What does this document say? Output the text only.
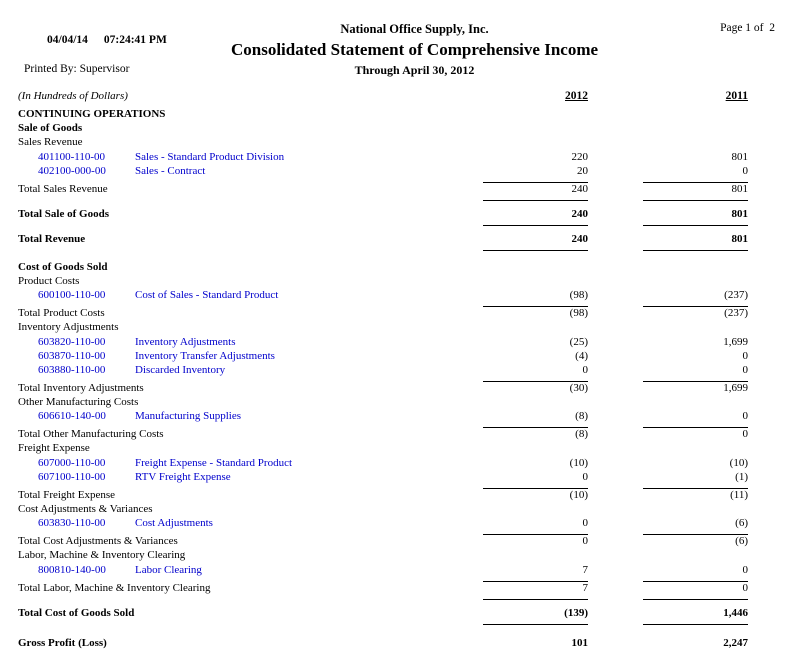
04/04/14 07:24:41 PM

Printed By: Supervisor
National Office Supply, Inc.
Consolidated Statement of Comprehensive Income
Through April 30, 2012
Page 1 of  2
(In Hundreds of Dollars)	2012	2011
CONTINUING OPERATIONS
Sale of Goods
Sales Revenue
401100-110-00	Sales - Standard Product Division	220	801
402100-000-00	Sales - Contract	20	0
Total Sales Revenue	240	801
Total Sale of Goods	240	801
Total Revenue	240	801
Cost of Goods Sold
Product Costs
600100-110-00	Cost of Sales - Standard Product	(98)	(237)
Total Product Costs	(98)	(237)
Inventory Adjustments
603820-110-00	Inventory Adjustments	(25)	1,699
603870-110-00	Inventory Transfer Adjustments	(4)	0
603880-110-00	Discarded Inventory	0	0
Total Inventory Adjustments	(30)	1,699
Other Manufacturing Costs
606610-140-00	Manufacturing Supplies	(8)	0
Total Other Manufacturing Costs	(8)	0
Freight Expense
607000-110-00	Freight Expense - Standard Product	(10)	(10)
607100-110-00	RTV Freight Expense	0	(1)
Total Freight Expense	(10)	(11)
Cost Adjustments & Variances
603830-110-00	Cost Adjustments	0	(6)
Total Cost Adjustments & Variances	0	(6)
Labor, Machine & Inventory Clearing
800810-140-00	Labor Clearing	7	0
Total Labor, Machine & Inventory Clearing	7	0
Total Cost of Goods Sold	(139)	1,446
Gross Profit (Loss)	101	2,247
